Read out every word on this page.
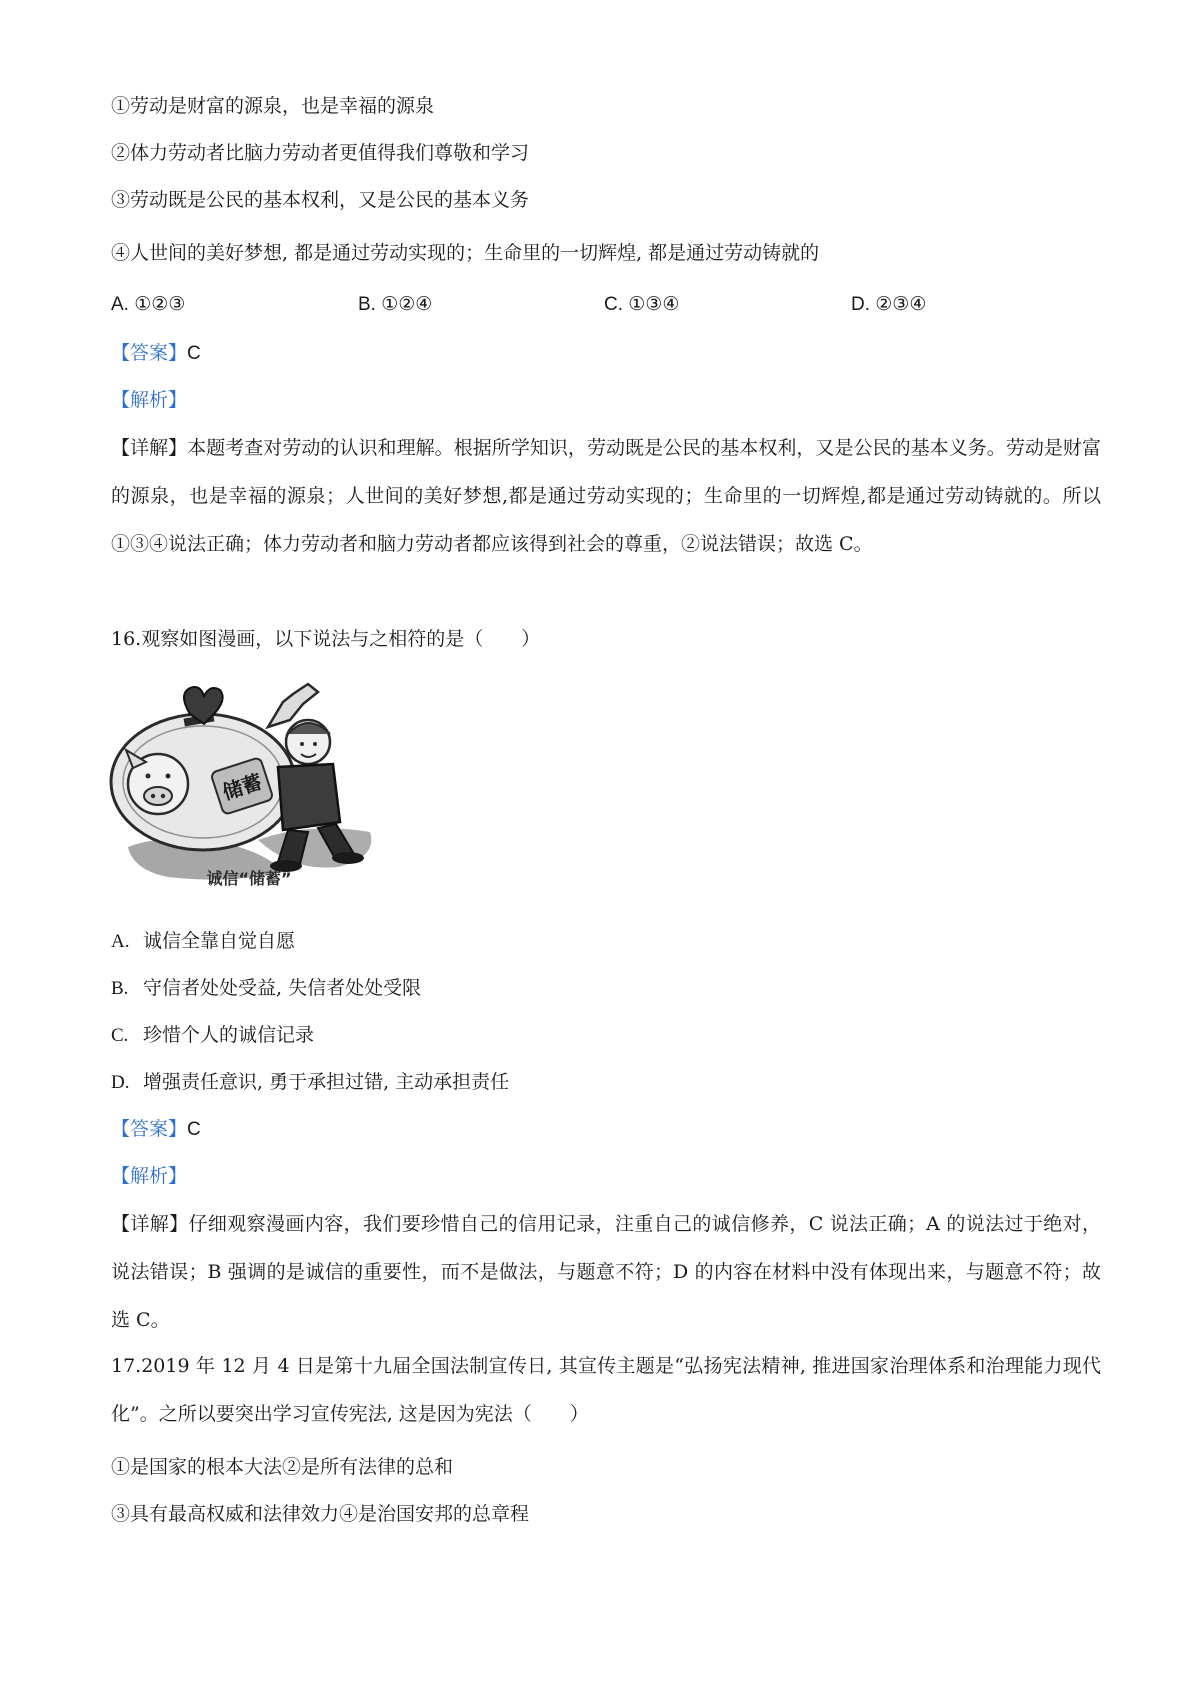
①劳动是财富的源泉，也是幸福的源泉
②体力劳动者比脑力劳动者更值得我们尊敬和学习
③劳动既是公民的基本权利，又是公民的基本义务
④人世间的美好梦想, 都是通过劳动实现的；生命里的一切辉煌, 都是通过劳动铸就的
A. ①②③	B. ①②④	C. ①③④	D. ②③④
【答案】C
【解析】
【详解】本题考查对劳动的认识和理解。根据所学知识，劳动既是公民的基本权利，又是公民的基本义务。劳动是财富的源泉，也是幸福的源泉；人世间的美好梦想,都是通过劳动实现的；生命里的一切辉煌,都是通过劳动铸就的。所以①③④说法正确；体力劳动者和脑力劳动者都应该得到社会的尊重，②说法错误；故选 C。
16.观察如图漫画，以下说法与之相符的是（　　）
储蓄
诚信“储蓄”
A. 诚信全靠自觉自愿
B. 守信者处处受益, 失信者处处受限
C. 珍惜个人的诚信记录
D. 增强责任意识, 勇于承担过错, 主动承担责任
【答案】C
【解析】
【详解】仔细观察漫画内容，我们要珍惜自己的信用记录，注重自己的诚信修养，C 说法正确；A 的说法过于绝对，说法错误；B 强调的是诚信的重要性，而不是做法，与题意不符；D 的内容在材料中没有体现出来，与题意不符；故选 C。
17.2019 年 12 月 4 日是第十九届全国法制宣传日, 其宣传主题是“弘扬宪法精神, 推进国家治理体系和治理能力现代化”。之所以要突出学习宣传宪法, 这是因为宪法（　　）
①是国家的根本大法②是所有法律的总和
③具有最高权威和法律效力④是治国安邦的总章程
